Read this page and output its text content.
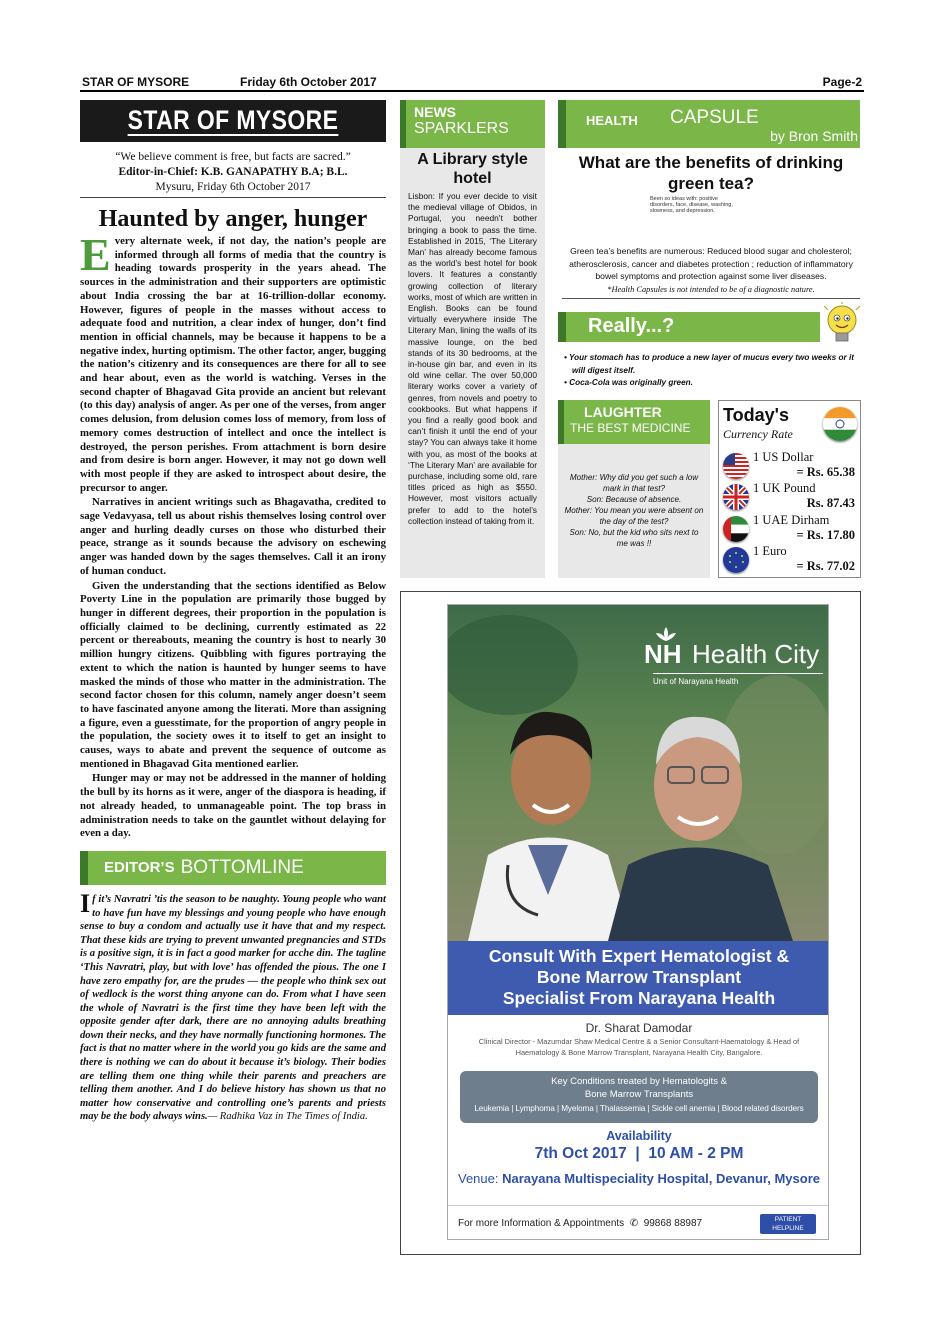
STAR OF MYSORE	Friday 6th October 2017	Page-2
STAR OF MYSORE
“We believe comment is free, but facts are sacred.”
Editor-in-Chief: K.B. GANAPATHY B.A; B.L.
Mysuru, Friday 6th October 2017
Haunted by anger, hunger

Every alternate week, if not day, the nation’s people are informed through all forms of media that the country is heading towards prosperity in the years ahead. The sources in the administration and their supporters are optimistic about India crossing the bar at 16-trillion-dollar economy. However, figures of people in the masses without access to adequate food and nutrition, a clear index of hunger, don’t find mention in official channels, may be because it happens to be a negative index, hurting optimism. The other factor, anger, bugging the nation’s citizenry and its consequences are there for all to see and hear about, even as the world is watching. Verses in the second chapter of Bhagavad Gita provide an ancient but relevant (to this day) analysis of anger. As per one of the verses, from anger comes delusion, from delusion comes loss of memory, from loss of memory comes destruction of intellect and once the intellect is destroyed, the person perishes. From attachment is born desire and from desire is born anger. However, it may not go down well with most people if they are asked to introspect about desire, the precursor to anger.

Narratives in ancient writings such as Bhagavatha, credited to sage Vedavyasa, tell us about rishis themselves losing control over anger and hurling deadly curses on those who disturbed their peace, strange as it sounds because the advisory on eschewing anger was handed down by the sages themselves. Call it an irony of human conduct.

Given the understanding that the sections identified as Below Poverty Line in the population are primarily those bugged by hunger in different degrees, their proportion in the population is officially claimed to be declining, currently estimated as 22 percent or thereabouts, meaning the country is host to nearly 30 million hungry citizens. Quibbling with figures portraying the extent to which the nation is haunted by hunger seems to have masked the minds of those who matter in the administration. The second factor chosen for this column, namely anger doesn’t seem to have fascinated anyone among the literati. More than assigning a figure, even a guesstimate, for the proportion of angry people in the population, the society owes it to itself to get an insight to causes, ways to abate and prevent the sequence of outcome as mentioned in Bhagavad Gita mentioned earlier.

Hunger may or may not be addressed in the manner of holding the bull by its horns as it were, anger of the diaspora is heading, if not already headed, to unmanageable point. The top brass in administration needs to take on the gauntlet without delaying for even a day.

EDITOR’S BOTTOMLINE
If it’s Navratri ’tis the season to be naughty. Young people who want to have fun have my blessings and young people who have enough sense to buy a condom and actually use it have that and my respect. That these kids are trying to prevent unwanted pregnancies and STDs is a positive sign, it is in fact a good marker for acche din. The tagline ‘This Navratri, play, but with love’ has offended the pious. The one I have zero empathy for, are the prudes — the people who think sex out of wedlock is the worst thing anyone can do. From what I have seen the whole of Navratri is the first time they have been left with the opposite gender after dark, there are no annoying adults breathing down their necks, and they have normally functioning hormones. The fact is that no matter where in the world you go kids are the same and there is nothing we can do about it because it’s biology. Their bodies are telling them one thing while their parents and preachers are telling them another. And I do believe history has shown us that no matter how conservative and controlling one’s parents and priests may be the body always wins.— Radhika Vaz in The Times of India.
NEWS
SPARKLERS
A Library style hotel
Lisbon: If you ever decide to visit the medieval village of Obidos, in Portugal, you needn’t bother bringing a book to pass the time. Established in 2015, ‘The Literary Man’ has already become famous as the world’s best hotel for book lovers. It features a constantly growing collection of literary works, most of which are written in English. Books can be found virtually everywhere inside The Literary Man, lining the walls of its massive lounge, on the bed stands of its 30 bedrooms, at the in-house gin bar, and even in its old wine cellar. The over 50,000 literary works cover a variety of genres, from novels and poetry to cookbooks. But what happens if you find a really good book and can’t finish it until the end of your stay? You can always take it home with you, as most of the books at ‘The Literary Man’ are available for purchase, including some old, rare titles priced as high as $550. However, most visitors actually prefer to add to the hotel’s collection instead of taking from it.
HEALTH CAPSULE
by Bron Smith
What are the benefits of drinking green tea?
Been so ideas with: positive disorders, face, disease, washing, slowness, and depression.
Green tea’s benefits are numerous: Reduced blood sugar and cholesterol; atherosclerosis, cancer and diabetes protection ; reduction of inflammatory bowel symptoms and protection against some liver diseases.
*Health Capsules is not intended to be of a diagnostic nature.
Really...?
• Your stomach has to produce a new layer of mucus every two weeks or it will digest itself.
• Coca-Cola was originally green.
LAUGHTER
THE BEST MEDICINE
Mother: Why did you get such a low mark in that test?
Son: Because of absence.
Mother: You mean you were absent on the day of the test?
Son: No, but the kid who sits next to me was !!
Today's
Currency Rate
1 US Dollar
= Rs. 65.38
1 UK Pound
Rs. 87.43
1 UAE Dirham
= Rs. 17.80
1 Euro
= Rs. 77.02
NH Health City
Unit of Narayana Health
Consult With Expert Hematologist &
Bone Marrow Transplant
Specialist From Narayana Health
Dr. Sharat Damodar
Clinical Director - Mazumdar Shaw Medical Centre & a Senior Consultant-Haematology & Head of Haematology & Bone Marrow Transplant, Narayana Health City, Bangalore.
Key Conditions treated by Hematologits &
Bone Marrow Transplants
Leukemia | Lymphoma | Myeloma | Thalassemia | Sickle cell anemia | Blood related disorders
Availability
7th Oct 2017  |  10 AM - 2 PM
Venue: Narayana Multispeciality Hospital, Devanur, Mysore
For more Information & Appointments  ✆  99868 88987	PATIENT HELPLINE
186-0208-0208
